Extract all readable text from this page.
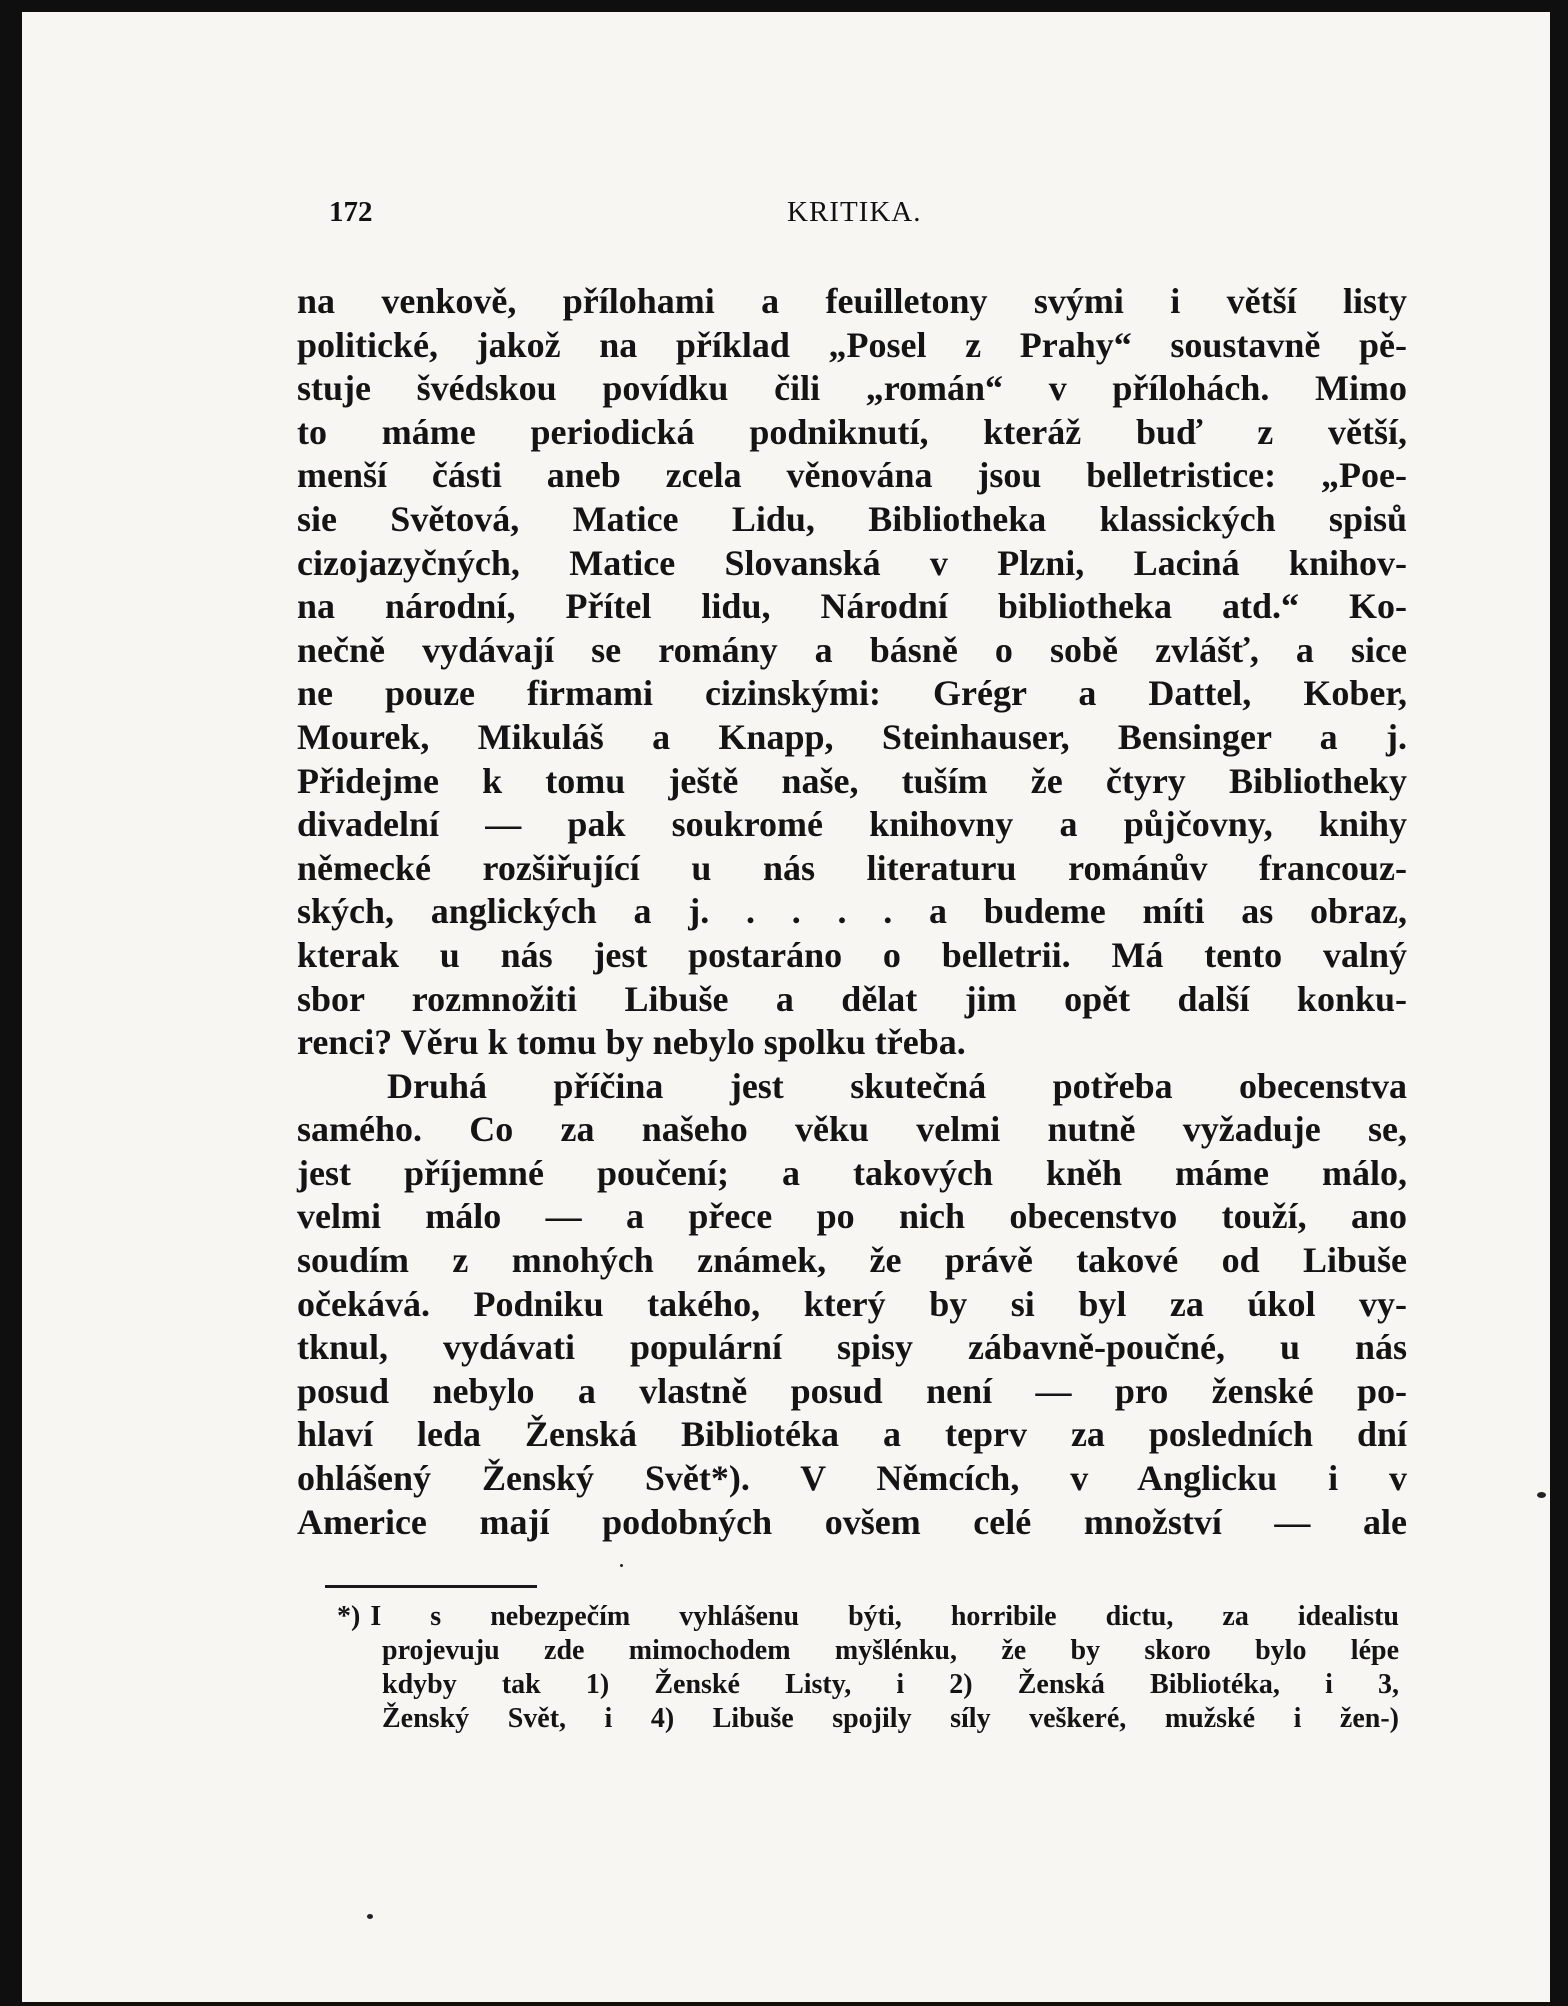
172	KRITIKA.
na venkově, přílohami a feuilletony svými i větší listy
politické, jakož na příklad „Posel z Prahy“ soustavně pě-
stuje švédskou povídku čili „román“ v přílohách. Mimo
to máme periodická podniknutí, kteráž buď z větší,
menší části aneb zcela věnována jsou belletristice: „Poe-
sie Světová, Matice Lidu, Bibliotheka klassických spisů
cizojazyčných, Matice Slovanská v Plzni, Laciná knihov-
na národní, Přítel lidu, Národní bibliotheka atd.“ Ko-
nečně vydávají se romány a básně o sobě zvlášť, a sice
ne pouze firmami cizinskými: Grégr a Dattel, Kober,
Mourek, Mikuláš a Knapp, Steinhauser, Bensinger a j.
Přidejme k tomu ještě naše, tuším že čtyry Bibliotheky
divadelní — pak soukromé knihovny a půjčovny, knihy
německé rozšiřující u nás literaturu románův francouz-
ských, anglických a j. . . . . a budeme míti as obraz,
kterak u nás jest postaráno o belletrii. Má tento valný
sbor rozmnožiti Libuše a dělat jim opět další konku-
renci? Věru k tomu by nebylo spolku třeba.
Druhá příčina jest skutečná potřeba obecenstva
samého. Co za našeho věku velmi nutně vyžaduje se,
jest příjemné poučení; a takových kněh máme málo,
velmi málo — a přece po nich obecenstvo touží, ano
soudím z mnohých známek, že právě takové od Libuše
očekává. Podniku takého, který by si byl za úkol vy-
tknul, vydávati populární spisy zábavně-poučné, u nás
posud nebylo a vlastně posud není — pro ženské po-
hlaví leda Ženská Bibliotéka a teprv za posledních dní
ohlášený Ženský Svět*). V Němcích, v Anglicku i v
Americe mají podobných ovšem celé množství — ale
*) I s nebezpečím vyhlášenu býti, horribile dictu, za idealistu
projevuju zde mimochodem myšlénku, že by skoro bylo lépe
kdyby tak 1) Ženské Listy, i 2) Ženská Bibliotéka, i 3,
Ženský Svět, i 4) Libuše spojily síly veškeré, mužské i žen-)
